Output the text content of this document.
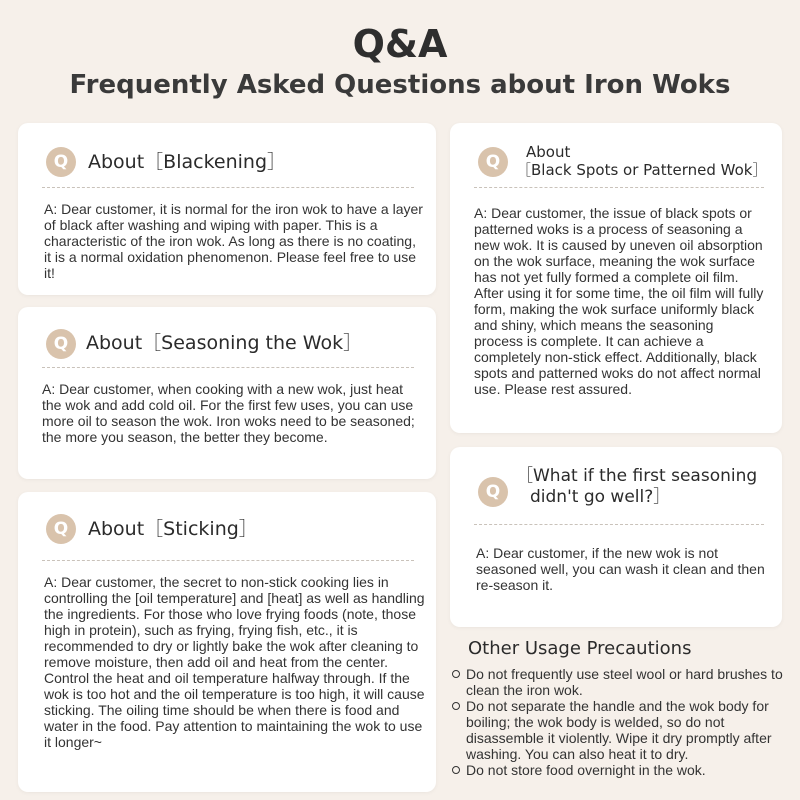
Q&A
Frequently Asked Questions about Iron Woks
Q	About［Blackening］
A: Dear customer, it is normal for the iron wok to have a layer of black after washing and wiping with paper. This is a characteristic of the iron wok. As long as there is no coating, it is a normal oxidation phenomenon. Please feel free to use it!
Q About［Seasoning the Wok］
A: Dear customer, when cooking with a new wok, just heat the wok and add cold oil. For the first few uses, you can use more oil to season the wok. Iron woks need to be seasoned; the more you season, the better they become.
Q	About［Sticking］
A: Dear customer, the secret to non-stick cooking lies in controlling the [oil temperature] and [heat] as well as handling the ingredients. For those who love frying foods (note, those high in protein), such as frying, frying fish, etc., it is recommended to dry or lightly bake the wok after cleaning to remove moisture, then add oil and heat from the center. Control the heat and oil temperature halfway through. If the wok is too hot and the oil temperature is too high, it will cause sticking. The oiling time should be when there is food and water in the food. Pay attention to maintaining the wok to use it longer~
Q	About
［Black Spots or Patterned Wok］
A: Dear customer, the issue of black spots or patterned woks is a process of seasoning a new wok. It is caused by uneven oil absorption on the wok surface, meaning the wok surface has not yet fully formed a complete oil film. After using it for some time, the oil film will fully form, making the wok surface uniformly black and shiny, which means the seasoning process is complete. It can achieve a completely non-stick effect. Additionally, black spots and patterned woks do not affect normal use. Please rest assured.
Q
［What if the first seasoning
didn't go well?］
A: Dear customer, if the new wok is not seasoned well, you can wash it clean and then re-season it.
Other Usage Precautions
Do not frequently use steel wool or hard brushes to clean the iron wok.
Do not separate the handle and the wok body for boiling; the wok body is welded, so do not disassemble it violently. Wipe it dry promptly after washing. You can also heat it to dry.
Do not store food overnight in the wok.
